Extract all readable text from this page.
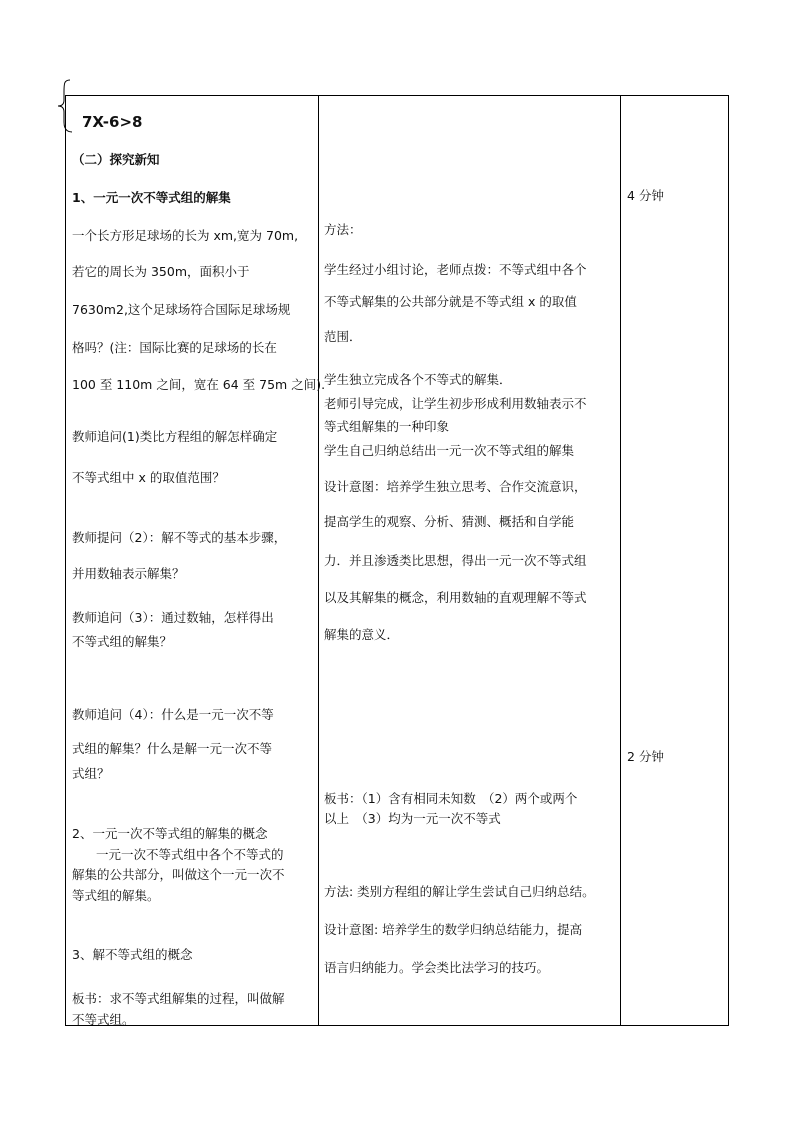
7X-6>8
（二）探究新知
1、一元一次不等式组的解集
一个长方形足球场的长为 xm,宽为 70m,
若它的周长为 350m，面积小于
7630m2,这个足球场符合国际足球场规
格吗？(注：国际比赛的足球场的长在
100 至 110m 之间，宽在 64 至 75m 之间).
教师追问(1)类比方程组的解怎样确定
不等式组中 x 的取值范围？
教师提问（2）：解不等式的基本步骤，
并用数轴表示解集？
教师追问（3）：通过数轴，怎样得出
不等式组的解集？
教师追问（4）：什么是一元一次不等
式组的解集？什么是解一元一次不等
式组？
2、一元一次不等式组的解集的概念
一元一次不等式组中各个不等式的
解集的公共部分，叫做这个一元一次不
等式组的解集。
3、解不等式组的概念
板书：求不等式组解集的过程，叫做解
不等式组。
方法：
学生经过小组讨论，老师点拨：不等式组中各个
不等式解集的公共部分就是不等式组 x 的取值
范围．
学生独立完成各个不等式的解集．
老师引导完成，让学生初步形成利用数轴表示不
等式组解集的一种印象
学生自己归纳总结出一元一次不等式组的解集
设计意图：培养学生独立思考、合作交流意识，
提高学生的观察、分析、猜测、概括和自学能
力．并且渗透类比思想，得出一元一次不等式组
以及其解集的概念，利用数轴的直观理解不等式
解集的意义．
板书：（1）含有相同未知数　（2）两个或两个
以上　（3）均为一元一次不等式
方法: 类别方程组的解让学生尝试自己归纳总结。
设计意图: 培养学生的数学归纳总结能力，提高
语言归纳能力。学会类比法学习的技巧。
4 分钟
2 分钟
